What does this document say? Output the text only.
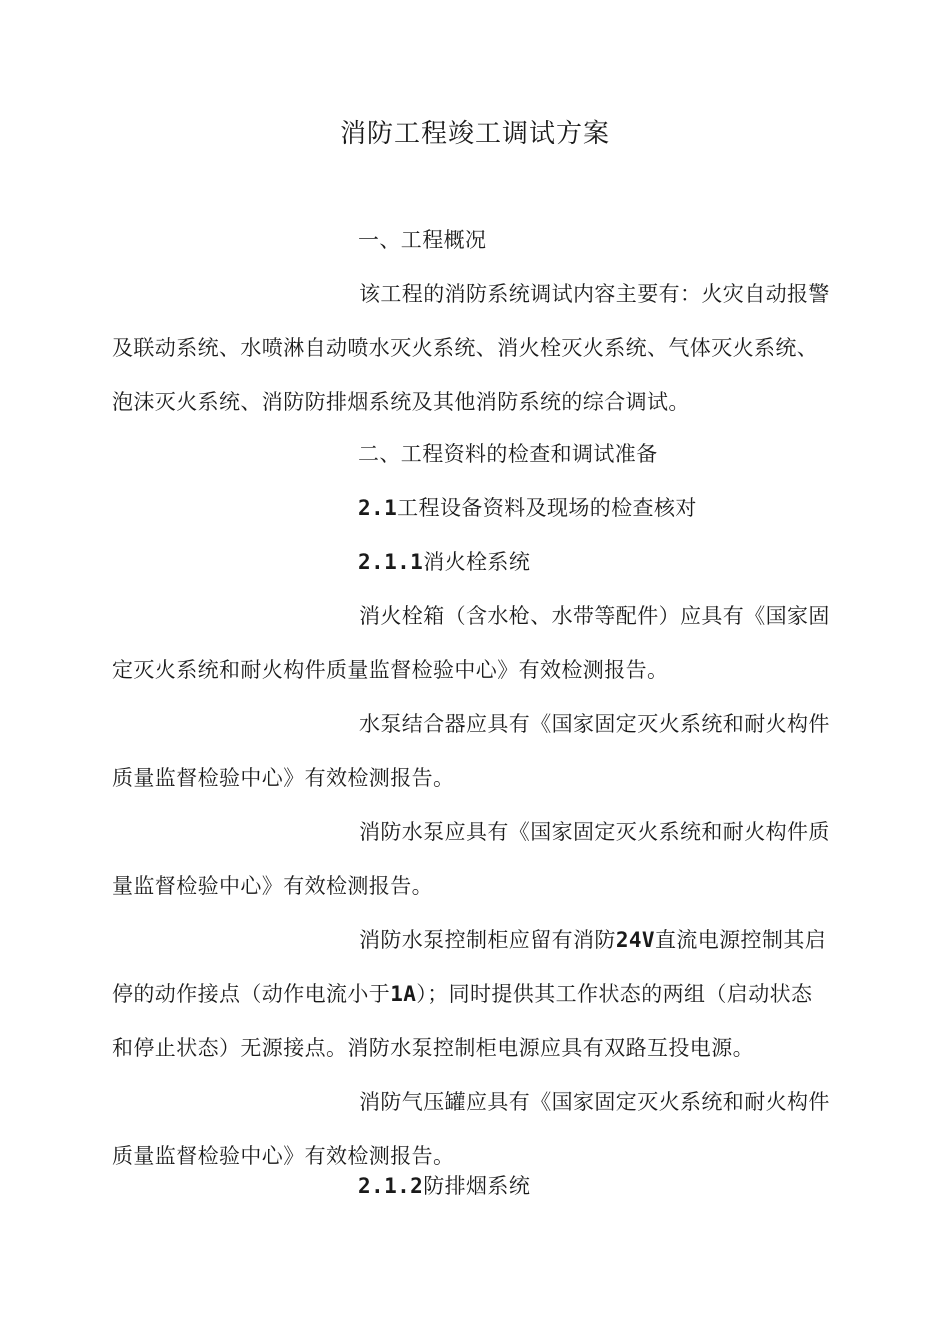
消防工程竣工调试方案

一、工程概况

该工程的消防系统调试内容主要有：火灾自动报警及联动系统、水喷淋自动喷水灭火系统、消火栓灭火系统、气体灭火系统、泡沫灭火系统、消防防排烟系统及其他消防系统的综合调试。

二、工程资料的检查和调试准备

2.1工程设备资料及现场的检查核对

2.1.1消火栓系统

消火栓箱（含水枪、水带等配件）应具有《国家固定灭火系统和耐火构件质量监督检验中心》有效检测报告。

水泵结合器应具有《国家固定灭火系统和耐火构件质量监督检验中心》有效检测报告。

消防水泵应具有《国家固定灭火系统和耐火构件质量监督检验中心》有效检测报告。

消防水泵控制柜应留有消防24V直流电源控制其启停的动作接点（动作电流小于1A）；同时提供其工作状态的两组（启动状态和停止状态）无源接点。消防水泵控制柜电源应具有双路互投电源。

消防气压罐应具有《国家固定灭火系统和耐火构件质量监督检验中心》有效检测报告。

2.1.2防排烟系统
